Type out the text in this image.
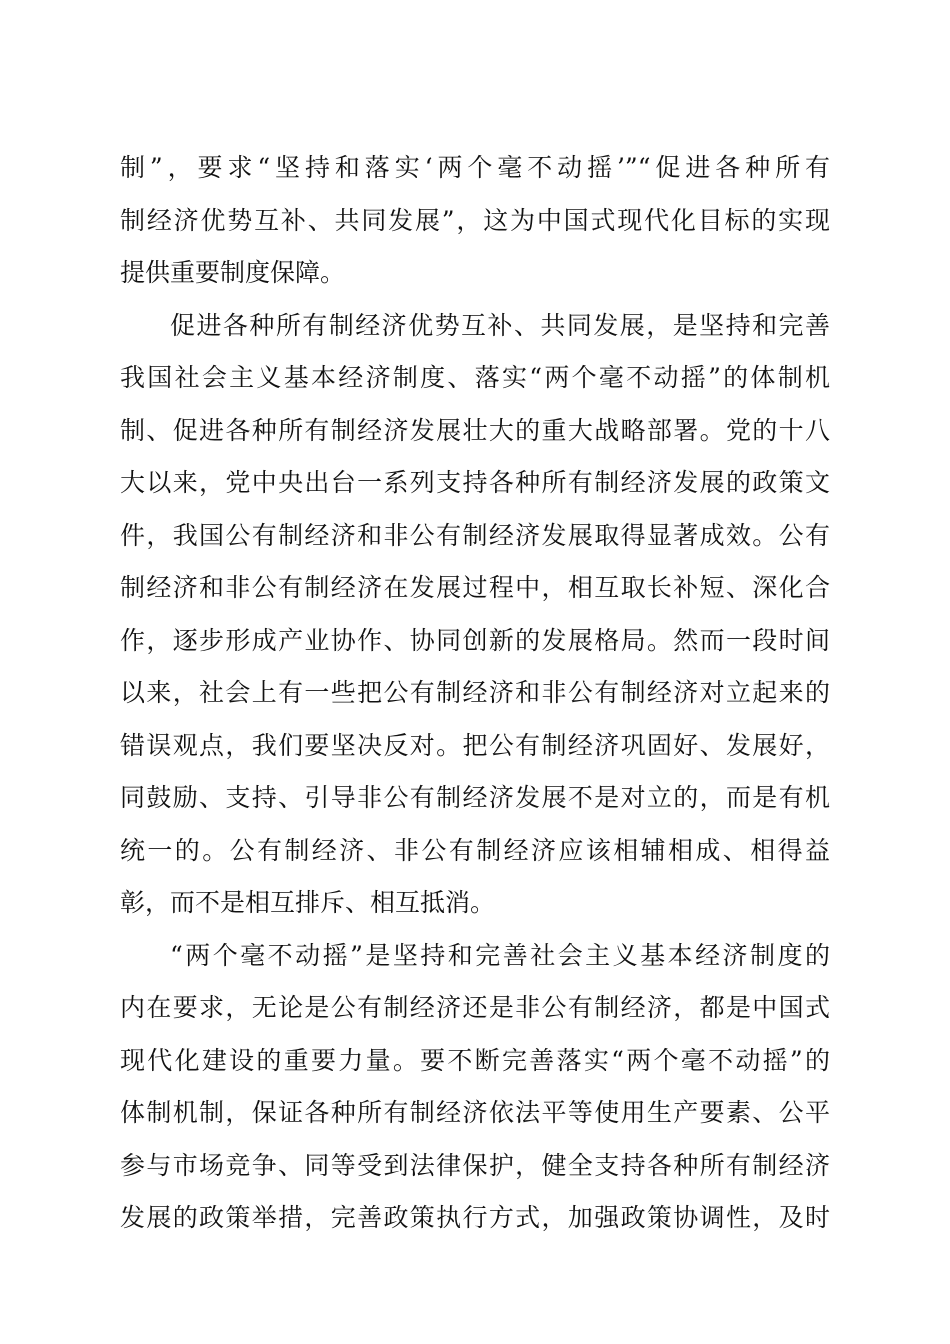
制”，要求“坚持和落实‘两个毫不动摇’”“促进各种所有
制经济优势互补、共同发展”，这为中国式现代化目标的实现
提供重要制度保障。
促进各种所有制经济优势互补、共同发展，是坚持和完善
我国社会主义基本经济制度、落实“两个毫不动摇”的体制机
制、促进各种所有制经济发展壮大的重大战略部署。党的十八
大以来，党中央出台一系列支持各种所有制经济发展的政策文
件，我国公有制经济和非公有制经济发展取得显著成效。公有
制经济和非公有制经济在发展过程中，相互取长补短、深化合
作，逐步形成产业协作、协同创新的发展格局。然而一段时间
以来，社会上有一些把公有制经济和非公有制经济对立起来的
错误观点，我们要坚决反对。把公有制经济巩固好、发展好，
同鼓励、支持、引导非公有制经济发展不是对立的，而是有机
统一的。公有制经济、非公有制经济应该相辅相成、相得益
彰，而不是相互排斥、相互抵消。
“两个毫不动摇”是坚持和完善社会主义基本经济制度的
内在要求，无论是公有制经济还是非公有制经济，都是中国式
现代化建设的重要力量。要不断完善落实“两个毫不动摇”的
体制机制，保证各种所有制经济依法平等使用生产要素、公平
参与市场竞争、同等受到法律保护，健全支持各种所有制经济
发展的政策举措，完善政策执行方式，加强政策协调性，及时
